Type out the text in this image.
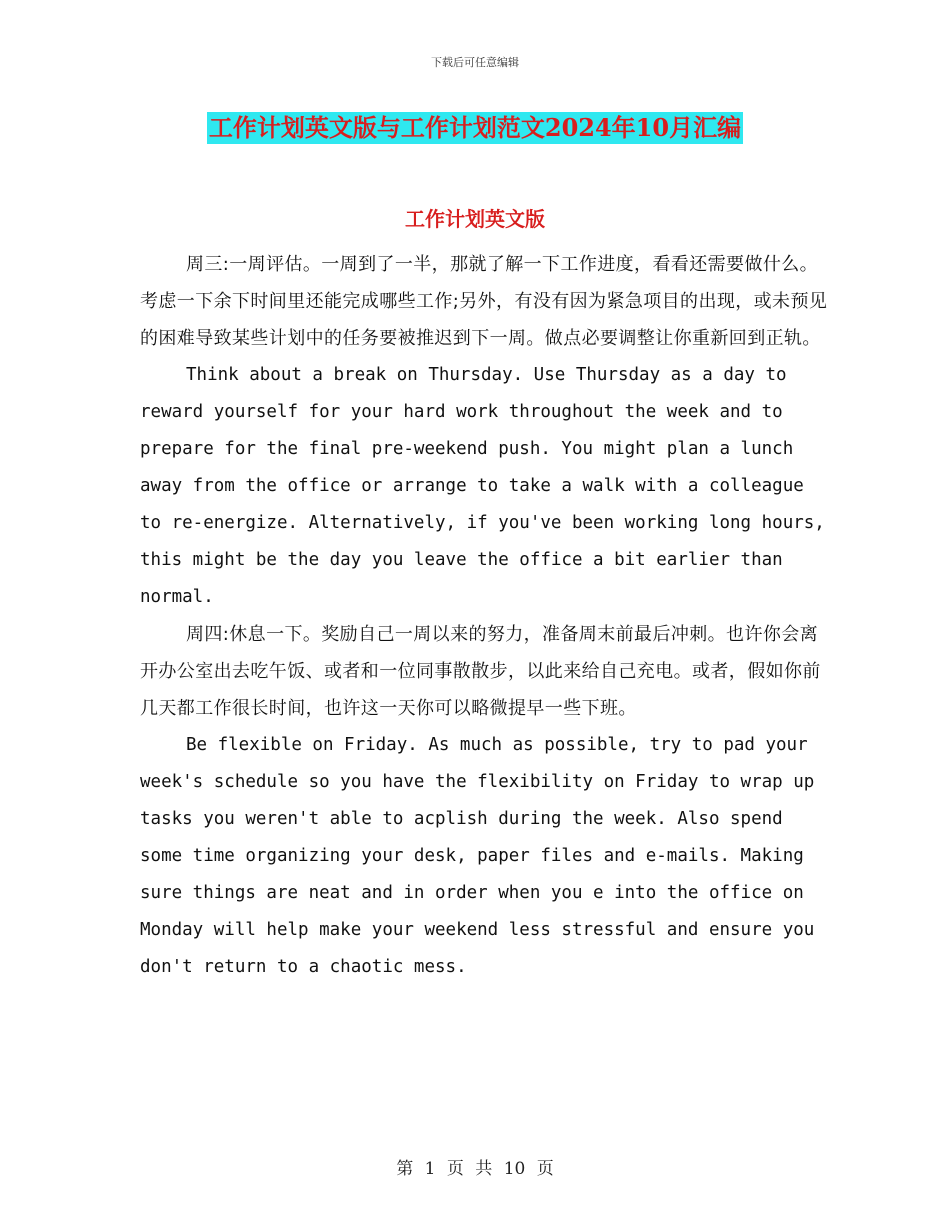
下载后可任意编辑
工作计划英文版与工作计划范文2024年10月汇编
工作计划英文版

周三:一周评估。一周到了一半，那就了解一下工作进度，看看还需要做什么。考虑一下余下时间里还能完成哪些工作;另外，有没有因为紧急项目的出现，或未预见的困难导致某些计划中的任务要被推迟到下一周。做点必要调整让你重新回到正轨。

Think about a break on Thursday. Use Thursday as a day to reward yourself for your hard work throughout the week and to prepare for the final pre-weekend push. You might plan a lunch away from the office or arrange to take a walk with a colleague to re-energize. Alternatively, if you've been working long hours, this might be the day you leave the office a bit earlier than normal.

周四:休息一下。奖励自己一周以来的努力，准备周末前最后冲刺。也许你会离开办公室出去吃午饭、或者和一位同事散散步，以此来给自己充电。或者，假如你前几天都工作很长时间，也许这一天你可以略微提早一些下班。

Be flexible on Friday. As much as possible, try to pad your week's schedule so you have the flexibility on Friday to wrap up tasks you weren't able to acplish during the week. Also spend some time organizing your desk, paper files and e-mails. Making sure things are neat and in order when you e into the office on Monday will help make your weekend less stressful and ensure you don't return to a chaotic mess.

第 1 页 共 10 页
